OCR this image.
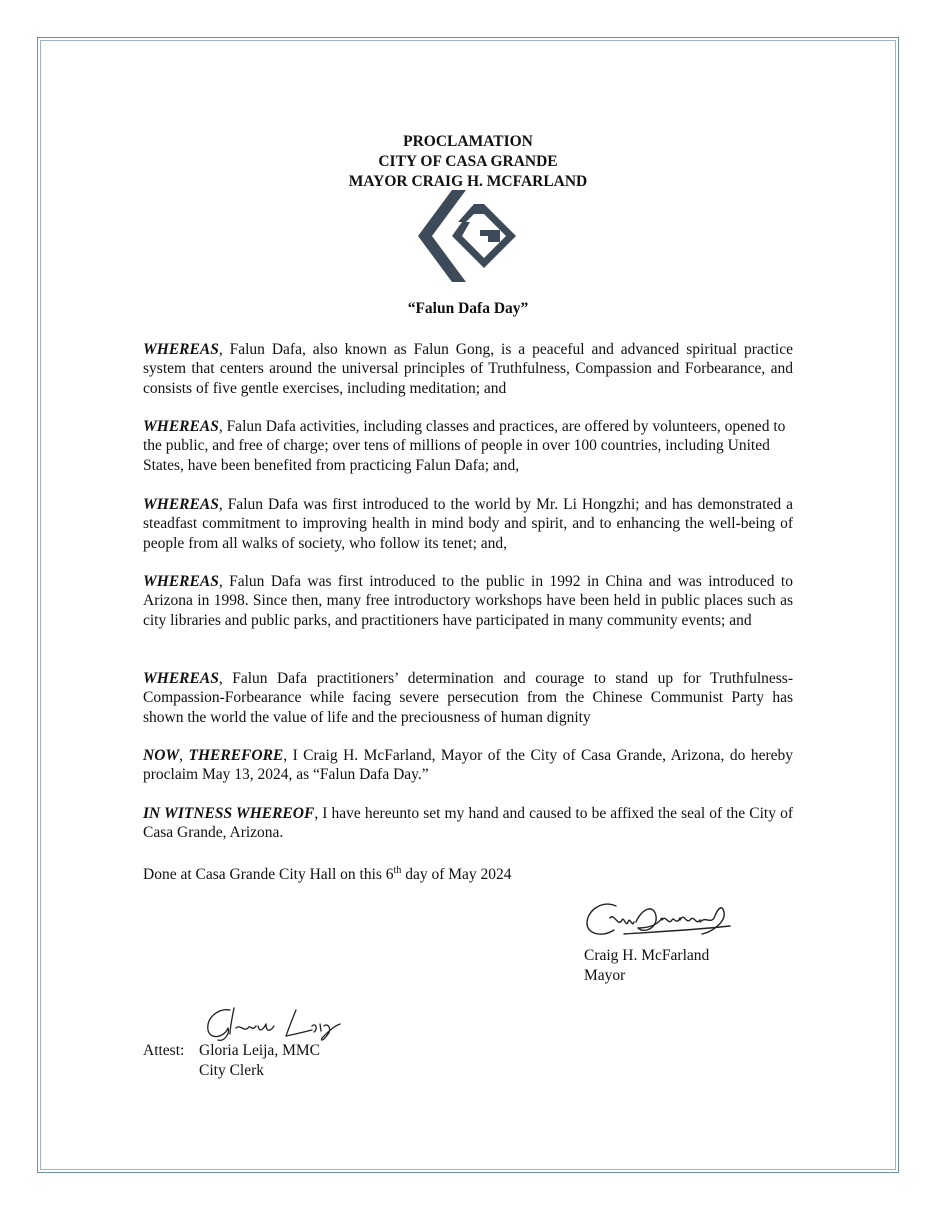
PROCLAMATION
CITY OF CASA GRANDE
MAYOR CRAIG H. MCFARLAND
“Falun Dafa Day”

WHEREAS, Falun Dafa, also known as Falun Gong, is a peaceful and advanced spiritual practice system that centers around the universal principles of Truthfulness, Compassion and Forbearance, and consists of five gentle exercises, including meditation; and

WHEREAS, Falun Dafa activities, including classes and practices, are offered by volunteers, opened to the public, and free of charge; over tens of millions of people in over 100 countries, including United States, have been benefited from practicing Falun Dafa; and,

WHEREAS, Falun Dafa was first introduced to the world by Mr. Li Hongzhi; and has demonstrated a steadfast commitment to improving health in mind body and spirit, and to enhancing the well-being of people from all walks of society, who follow its tenet; and,

WHEREAS, Falun Dafa was first introduced to the public in 1992 in China and was introduced to Arizona in 1998. Since then, many free introductory workshops have been held in public places such as city libraries and public parks, and practitioners have participated in many community events; and

WHEREAS, Falun Dafa practitioners’ determination and courage to stand up for Truthfulness-Compassion-Forbearance while facing severe persecution from the Chinese Communist Party has shown the world the value of life and the preciousness of human dignity

NOW, THEREFORE, I Craig H. McFarland, Mayor of the City of Casa Grande, Arizona, do hereby proclaim May 13, 2024, as “Falun Dafa Day.”

IN WITNESS WHEREOF, I have hereunto set my hand and caused to be affixed the seal of the City of Casa Grande, Arizona.

Done at Casa Grande City Hall on this 6th day of May 2024

Craig H. McFarland
Mayor
Attest: Gloria Leija, MMC
City Clerk
